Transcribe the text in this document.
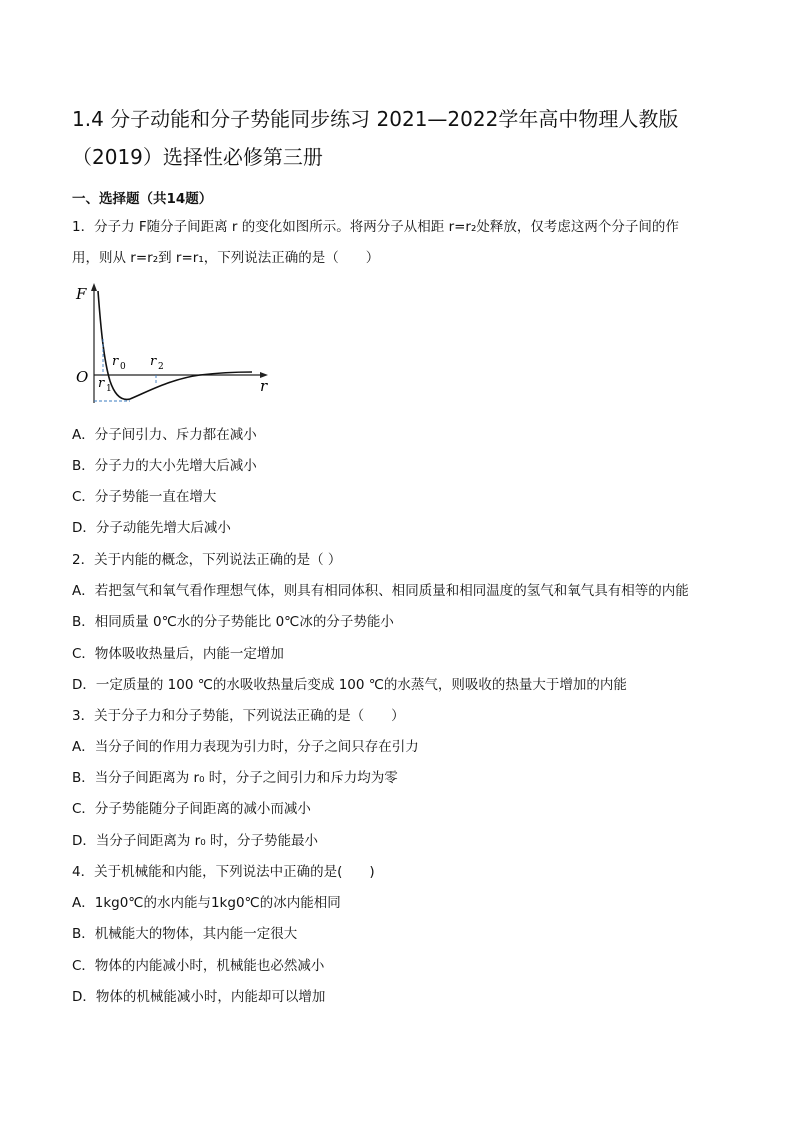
1.4 分子动能和分子势能同步练习 2021—2022学年高中物理人教版
（2019）选择性必修第三册
一、选择题（共14题）
1．分子力 F随分子间距离 r 的变化如图所示。将两分子从相距 r=r₂处释放，仅考虑这两个分子间的作
用，则从 r=r₂到 r=r₁，下列说法正确的是（　　）
F
O	r
r 0
r 1
r 2
A．分子间引力、斥力都在减小
B．分子力的大小先增大后减小
C．分子势能一直在增大
D．分子动能先增大后减小
2．关于内能的概念，下列说法正确的是（ ）
A．若把氢气和氧气看作理想气体，则具有相同体积、相同质量和相同温度的氢气和氧气具有相等的内能
B．相同质量 0℃水的分子势能比 0℃冰的分子势能小
C．物体吸收热量后，内能一定增加
D．一定质量的 100 ℃的水吸收热量后变成 100 ℃的水蒸气，则吸收的热量大于增加的内能
3．关于分子力和分子势能，下列说法正确的是（　　）
A．当分子间的作用力表现为引力时，分子之间只存在引力
B．当分子间距离为 r₀ 时，分子之间引力和斥力均为零
C．分子势能随分子间距离的减小而减小
D．当分子间距离为 r₀ 时，分子势能最小
4．关于机械能和内能，下列说法中正确的是(　　)
A．1kg0℃的水内能与1kg0℃的冰内能相同
B．机械能大的物体，其内能一定很大
C．物体的内能减小时，机械能也必然减小
D．物体的机械能减小时，内能却可以增加
